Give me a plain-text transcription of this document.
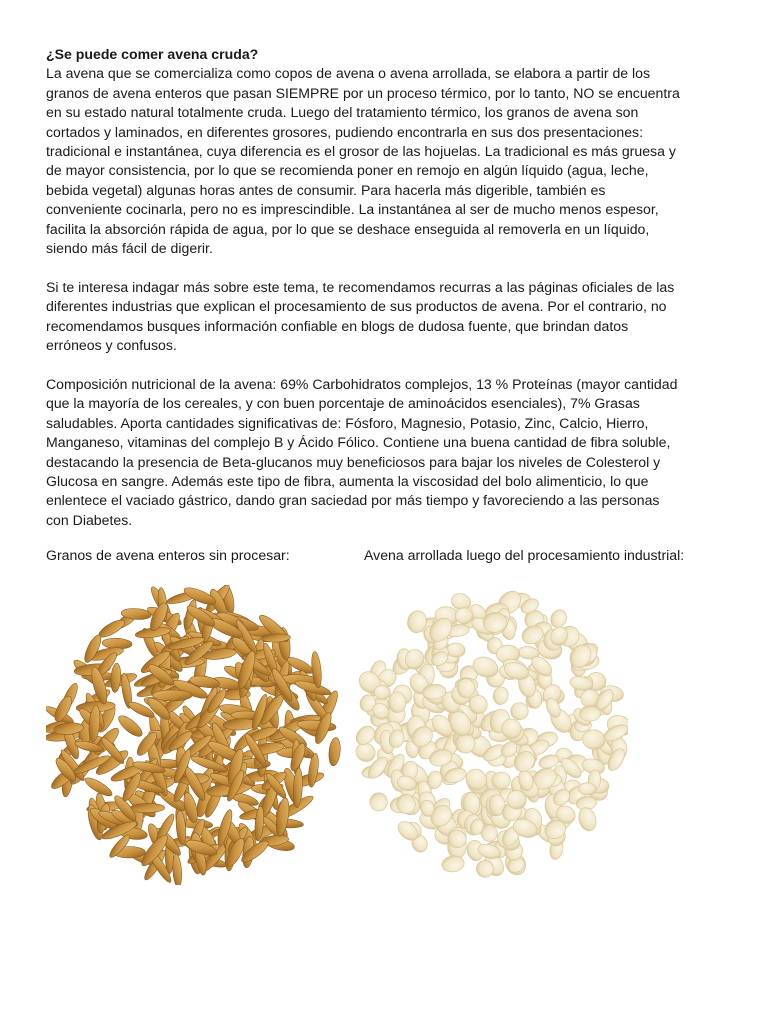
¿Se puede comer avena cruda?

La avena que se comercializa como copos de avena o avena arrollada, se elabora a partir de los
granos de avena enteros que pasan SIEMPRE por un proceso térmico, por lo tanto, NO se encuentra
en su estado natural totalmente cruda. Luego del tratamiento térmico, los granos de avena son
cortados y laminados, en diferentes grosores, pudiendo encontrarla en sus dos presentaciones:
tradicional e instantánea, cuya diferencia es el grosor de las hojuelas. La tradicional es más gruesa y
de mayor consistencia, por lo que se recomienda poner en remojo en algún líquido (agua, leche,
bebida vegetal) algunas horas antes de consumir. Para hacerla más digerible, también es
conveniente cocinarla, pero no es imprescindible. La instantánea al ser de mucho menos espesor,
facilita la absorción rápida de agua, por lo que se deshace enseguida al removerla en un líquido,
siendo más fácil de digerir.

Si te interesa indagar más sobre este tema, te recomendamos recurras a las páginas oficiales de las
diferentes industrias que explican el procesamiento de sus productos de avena. Por el contrario, no
recomendamos busques información confiable en blogs de dudosa fuente, que brindan datos
erróneos y confusos.

Composición nutricional de la avena: 69% Carbohidratos complejos, 13 % Proteínas (mayor cantidad
que la mayoría de los cereales, y con buen porcentaje de aminoácidos esenciales), 7% Grasas
saludables. Aporta cantidades significativas de: Fósforo, Magnesio, Potasio, Zinc, Calcio, Hierro,
Manganeso, vitaminas del complejo B y Ácido Fólico. Contiene una buena cantidad de fibra soluble,
destacando la presencia de Beta-glucanos muy beneficiosos para bajar los niveles de Colesterol y
Glucosa en sangre. Además este tipo de fibra, aumenta la viscosidad del bolo alimenticio, lo que
enlentece el vaciado gástrico, dando gran saciedad por más tiempo y favoreciendo a las personas
con Diabetes.

Granos de avena enteros sin procesar:	Avena arrollada luego del procesamiento industrial:
